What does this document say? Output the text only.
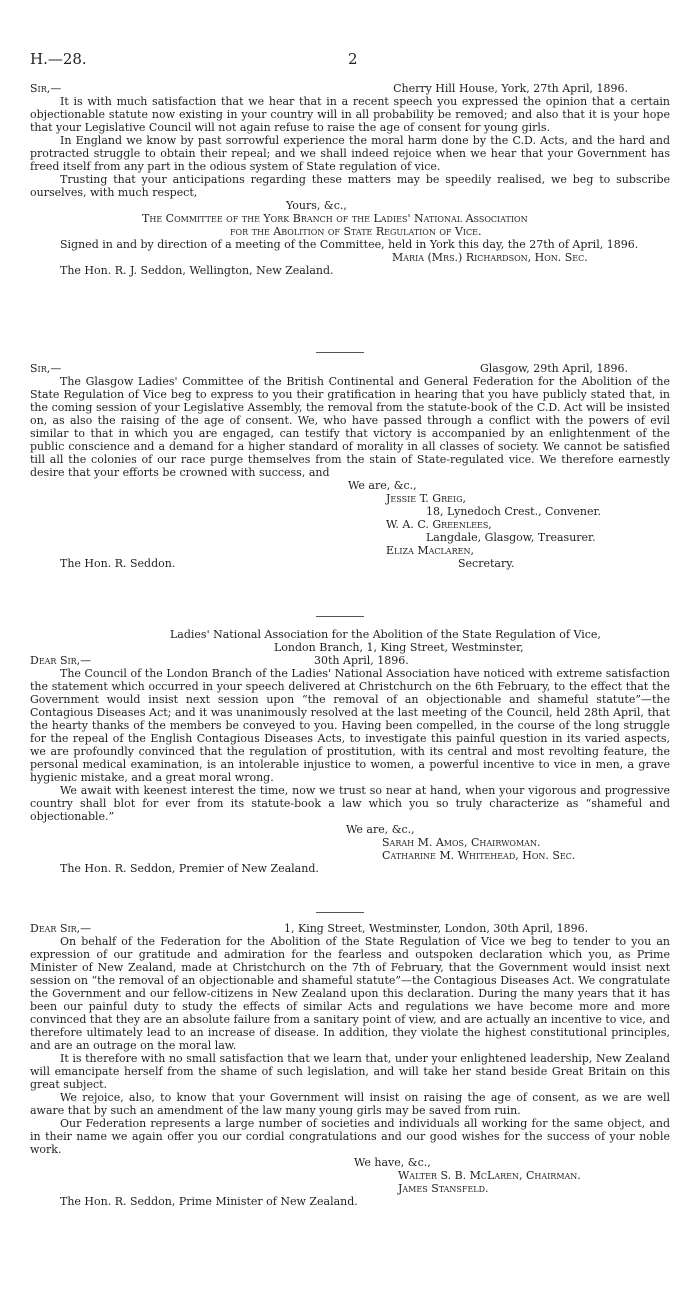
H.—28.	2
Sir,—	Cherry Hill House, York, 27th April, 1896.

It is with much satisfaction that we hear that in a recent speech you expressed the opinion that a certain objectionable statute now existing in your country will in all probability be removed; and also that it is your hope that your Legislative Council will not again refuse to raise the age of consent for young girls.

In England we know by past sorrowful experience the moral harm done by the C.D. Acts, and the hard and protracted struggle to obtain their repeal; and we shall indeed rejoice when we hear that your Government has freed itself from any part in the odious system of State regulation of vice.

Trusting that your anticipations regarding these matters may be speedily realised, we beg to subscribe ourselves, with much respect,

Yours, &c.,
The Committee of the York Branch of the Ladies' National Association
for the Abolition of State Regulation of Vice.

Signed in and by direction of a meeting of the Committee, held in York this day, the 27th of April, 1896.

Maria (Mrs.) Richardson, Hon. Sec.
The Hon. R. J. Seddon, Wellington, New Zealand.
Sir,—	Glasgow, 29th April, 1896.

The Glasgow Ladies' Committee of the British Continental and General Federation for the Abolition of the State Regulation of Vice beg to express to you their gratification in hearing that you have publicly stated that, in the coming session of your Legislative Assembly, the removal from the statute-book of the C.D. Act will be insisted on, as also the raising of the age of consent. We, who have passed through a conflict with the powers of evil similar to that in which you are engaged, can testify that victory is accompanied by an enlightenment of the public conscience and a demand for a higher standard of morality in all classes of society. We cannot be satisfied till all the colonies of our race purge themselves from the stain of State-regulated vice. We therefore earnestly desire that your efforts be crowned with success, and

We are, &c.,
Jessie T. Greig,
18, Lynedoch Crest., Convener.
W. A. C. Greenlees,
Langdale, Glasgow, Treasurer.
Eliza Maclaren,
The Hon. R. Seddon.	Secretary.
Ladies' National Association for the Abolition of the State Regulation of Vice,
London Branch, 1, King Street, Westminster,
Dear Sir,—	30th April, 1896.

The Council of the London Branch of the Ladies' National Association have noticed with extreme satisfaction the statement which occurred in your speech delivered at Christchurch on the 6th February, to the effect that the Government would insist next session upon “the removal of an objectionable and shameful statute”—the Contagious Diseases Act; and it was unanimously resolved at the last meeting of the Council, held 28th April, that the hearty thanks of the members be conveyed to you. Having been compelled, in the course of the long struggle for the repeal of the English Contagious Diseases Acts, to investigate this painful question in its varied aspects, we are profoundly convinced that the regulation of prostitution, with its central and most revolting feature, the personal medical examination, is an intolerable injustice to women, a powerful incentive to vice in men, a grave hygienic mistake, and a great moral wrong.

We await with keenest interest the time, now we trust so near at hand, when your vigorous and progressive country shall blot for ever from its statute-book a law which you so truly characterize as “shameful and objectionable.”

We are, &c.,
Sarah M. Amos, Chairwoman.
Catharine M. Whitehead, Hon. Sec.
The Hon. R. Seddon, Premier of New Zealand.
Dear Sir,—	1, King Street, Westminster, London, 30th April, 1896.

On behalf of the Federation for the Abolition of the State Regulation of Vice we beg to tender to you an expression of our gratitude and admiration for the fearless and outspoken declaration which you, as Prime Minister of New Zealand, made at Christchurch on the 7th of February, that the Government would insist next session on “the removal of an objectionable and shameful statute”—the Contagious Diseases Act. We congratulate the Government and our fellow-citizens in New Zealand upon this declaration. During the many years that it has been our painful duty to study the effects of similar Acts and regulations we have become more and more convinced that they are an absolute failure from a sanitary point of view, and are actually an incentive to vice, and therefore ultimately lead to an increase of disease. In addition, they violate the highest constitutional principles, and are an outrage on the moral law.

It is therefore with no small satisfaction that we learn that, under your enlightened leadership, New Zealand will emancipate herself from the shame of such legislation, and will take her stand beside Great Britain on this great subject.

We rejoice, also, to know that your Government will insist on raising the age of consent, as we are well aware that by such an amendment of the law many young girls may be saved from ruin.

Our Federation represents a large number of societies and individuals all working for the same object, and in their name we again offer you our cordial congratulations and our good wishes for the success of your noble work.

We have, &c.,
Walter S. B. McLaren, Chairman.
James Stansfeld.
The Hon. R. Seddon, Prime Minister of New Zealand.
